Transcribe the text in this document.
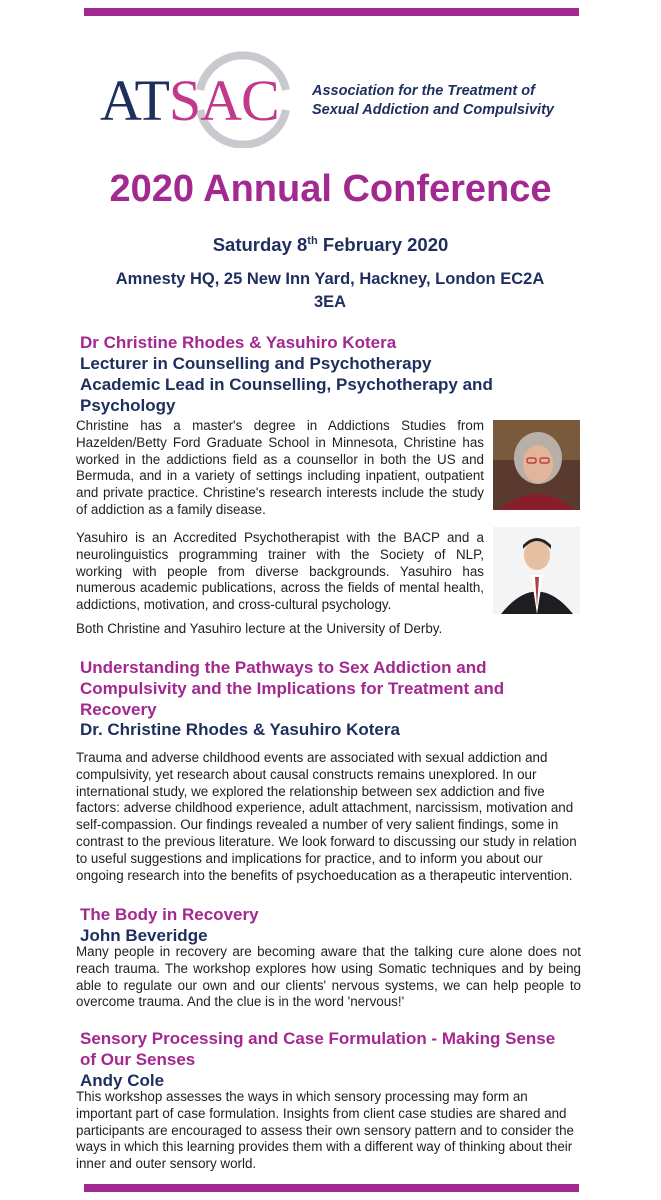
ATSAC Association for the Treatment of
Sexual Addiction and Compulsivity
2020 Annual Conference
Saturday 8th February 2020
Amnesty HQ, 25 New Inn Yard, Hackney, London EC2A
3EA
Dr Christine Rhodes & Yasuhiro Kotera
Lecturer in Counselling and Psychotherapy
Academic Lead in Counselling, Psychotherapy and
Psychology
Christine has a master's degree in Addictions Studies from Hazelden/Betty Ford Graduate School in Minnesota, Christine has worked in the addictions field as a counsellor in both the US and Bermuda, and in a variety of settings including inpatient, outpatient and private practice. Christine's research interests include the study of addiction as a family disease.
Yasuhiro is an Accredited Psychotherapist with the BACP and a neurolinguistics programming trainer with the Society of NLP, working with people from diverse backgrounds. Yasuhiro has numerous academic publications, across the fields of mental health, addictions, motivation, and cross-cultural psychology.
Both Christine and Yasuhiro lecture at the University of Derby.
Understanding the Pathways to Sex Addiction and
Compulsivity and the Implications for Treatment and
Recovery
Dr. Christine Rhodes & Yasuhiro Kotera
Trauma and adverse childhood events are associated with sexual addiction and compulsivity, yet research about causal constructs remains unexplored. In our international study, we explored the relationship between sex addiction and five factors: adverse childhood experience, adult attachment, narcissism, motivation and self-compassion. Our findings revealed a number of very salient findings, some in contrast to the previous literature. We look forward to discussing our study in relation to useful suggestions and implications for practice, and to inform you about our ongoing research into the benefits of psychoeducation as a therapeutic intervention.
The Body in Recovery
John Beveridge
Many people in recovery are becoming aware that the talking cure alone does not reach trauma. The workshop explores how using Somatic techniques and by being able to regulate our own and our clients' nervous systems, we can help people to overcome trauma. And the clue is in the word 'nervous!'
Sensory Processing and Case Formulation - Making Sense
of Our Senses
Andy Cole
This workshop assesses the ways in which sensory processing may form an important part of case formulation. Insights from client case studies are shared and participants are encouraged to assess their own sensory pattern and to consider the ways in which this learning provides them with a different way of thinking about their inner and outer sensory world.
